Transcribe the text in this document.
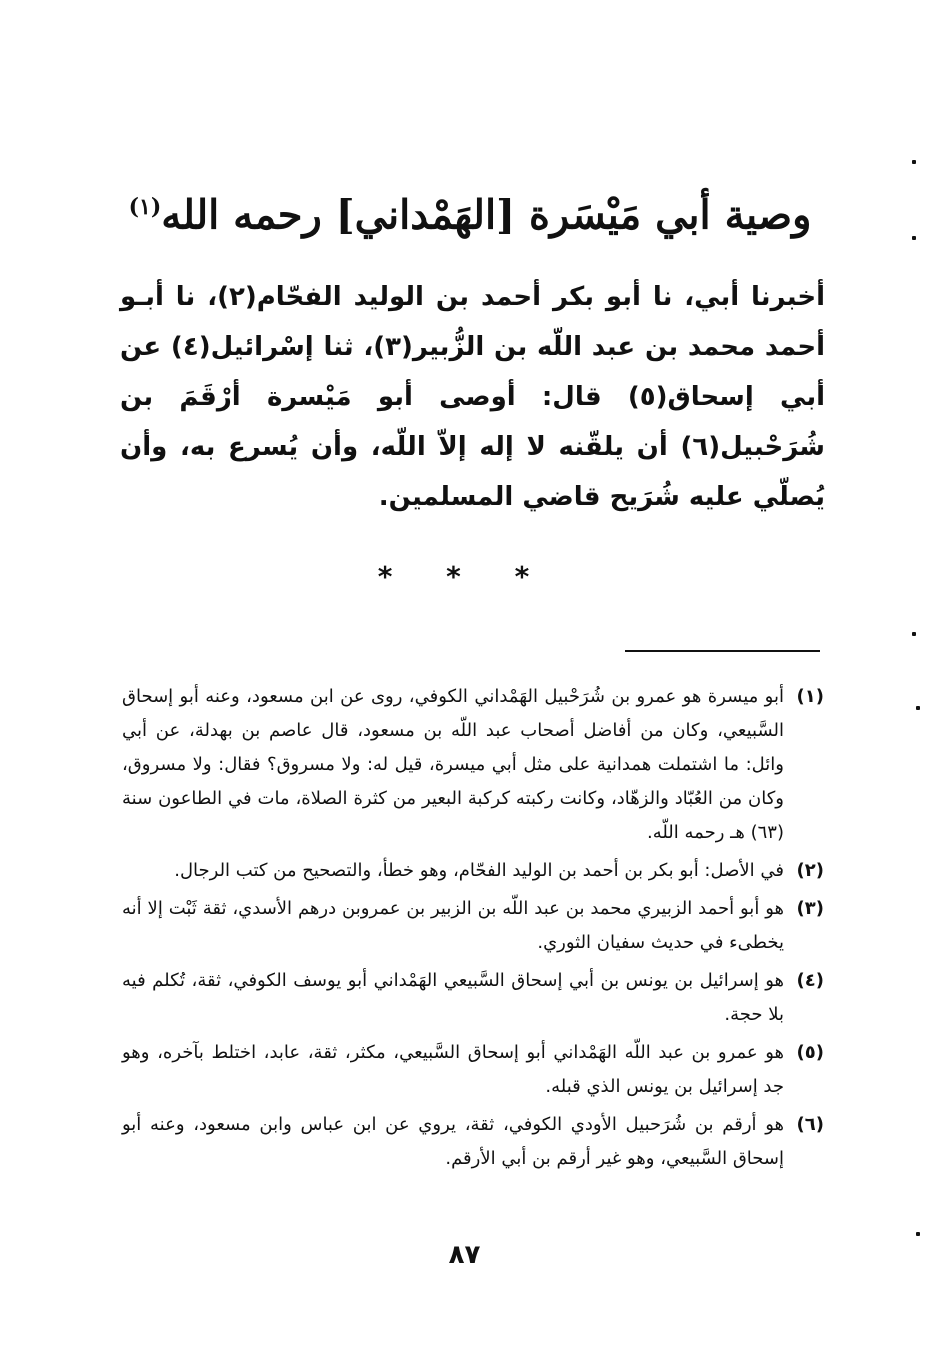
وصية أبي مَيْسَرة [الهَمْداني] رحمه الله$^{(١)}$

أخبرنا أبي، نا أبو بكر أحمد بن الوليد الفحّام(٢)، نا أبـو أحمد محمد بن عبد اللّه بن الزُّبير(٣)، ثنا إسْرائيل(٤) عن أبي إسحاق(٥) قال: أوصى أبو مَيْسرة أرْقَمَ بن شُرَحْبيل(٦) أن يلقّنه لا إله إلاّ اللّه، وأن يُسرع به، وأن يُصلّي عليه شُرَيح قاضي المسلمين.

* * *
(١)
أبو ميسرة هو عمرو بن شُرَحْبيل الهَمْداني الكوفي، روى عن ابن مسعود، وعنه أبو إسحاق السَّبيعي، وكان من أفاضل أصحاب عبد اللّه بن مسعود، قال عاصم بن بهدلة، عن أبي وائل: ما اشتملت همدانية على مثل أبي ميسرة، قيل له: ولا مسروق؟ فقال: ولا مسروق، وكان من العُبّاد والزهّاد، وكانت ركبته كركبة البعير من كثرة الصلاة، مات في الطاعون سنة (٦٣) هـ رحمه اللّه.
(٢)
في الأصل: أبو بكر بن أحمد بن الوليد الفحّام، وهو خطأ، والتصحيح من كتب الرجال.
(٣)
هو أبو أحمد الزبيري محمد بن عبد اللّه بن الزبير بن عمروبن درهم الأسدي، ثقة ثَبْت إلا أنه يخطىء في حديث سفيان الثوري.
(٤)
هو إسرائيل بن يونس بن أبي إسحاق السَّبيعي الهَمْداني أبو يوسف الكوفي، ثقة، تُكلم فيه بلا حجة.
(٥)
هو عمرو بن عبد اللّه الهَمْداني أبو إسحاق السَّبيعي، مكثر، ثقة، عابد، اختلط بآخره، وهو جد إسرائيل بن يونس الذي قبله.
(٦)
هو أرقم بن شُرَحبيل الأودي الكوفي، ثقة، يروي عن ابن عباس وابن مسعود، وعنه أبو إسحاق السَّبيعي، وهو غير أرقم بن أبي الأرقم.
٨٧
